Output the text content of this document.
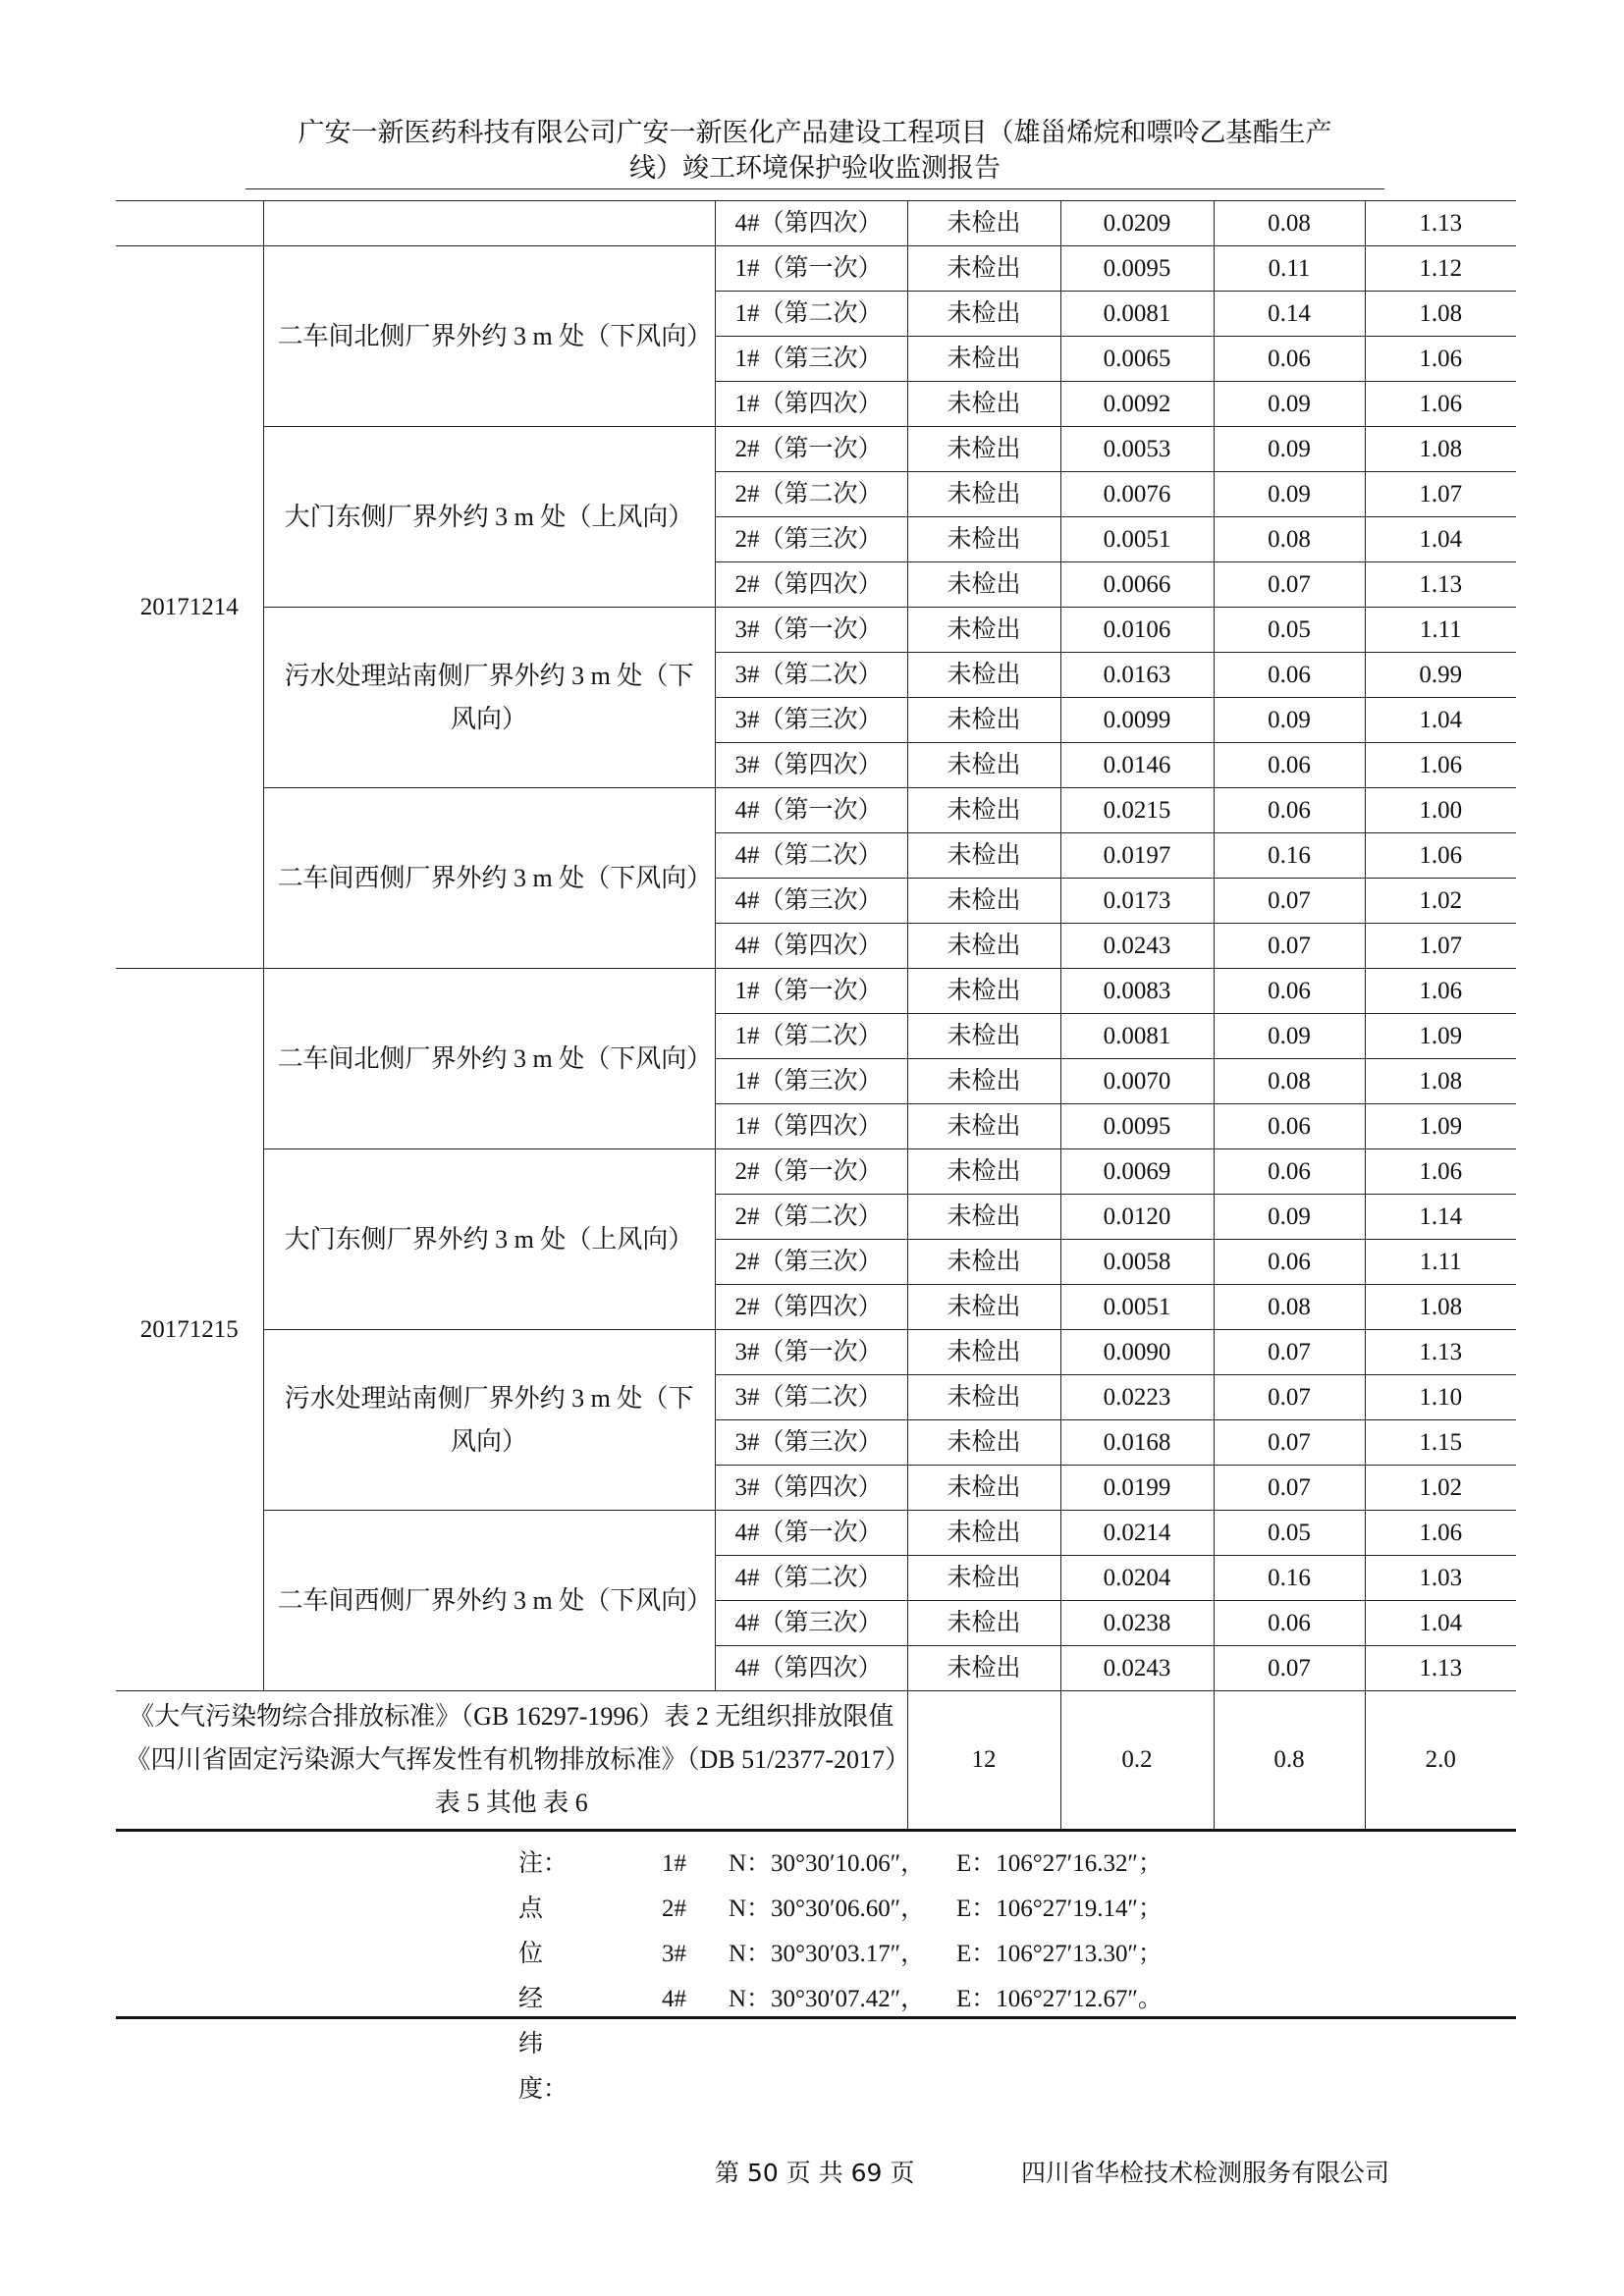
广安一新医药科技有限公司广安一新医化产品建设工程项目（雄甾烯烷和嘌呤乙基酯生产
线）竣工环境保护验收监测报告
		4#（第四次）	未检出	0.0209	0.08	1.13
20171214	二车间北侧厂界外约 3 m 处（下风向）	1#（第一次）	未检出	0.0095	0.11	1.12
		1#（第二次）	未检出	0.0081	0.14	1.08
		1#（第三次）	未检出	0.0065	0.06	1.06
		1#（第四次）	未检出	0.0092	0.09	1.06
	大门东侧厂界外约 3 m 处（上风向）	2#（第一次）	未检出	0.0053	0.09	1.08
		2#（第二次）	未检出	0.0076	0.09	1.07
		2#（第三次）	未检出	0.0051	0.08	1.04
		2#（第四次）	未检出	0.0066	0.07	1.13
	污水处理站南侧厂界外约 3 m 处（下风向）	3#（第一次）	未检出	0.0106	0.05	1.11
		3#（第二次）	未检出	0.0163	0.06	0.99
		3#（第三次）	未检出	0.0099	0.09	1.04
		3#（第四次）	未检出	0.0146	0.06	1.06
	二车间西侧厂界外约 3 m 处（下风向）	4#（第一次）	未检出	0.0215	0.06	1.00
		4#（第二次）	未检出	0.0197	0.16	1.06
		4#（第三次）	未检出	0.0173	0.07	1.02
		4#（第四次）	未检出	0.0243	0.07	1.07
20171215	二车间北侧厂界外约 3 m 处（下风向）	1#（第一次）	未检出	0.0083	0.06	1.06
		1#（第二次）	未检出	0.0081	0.09	1.09
		1#（第三次）	未检出	0.0070	0.08	1.08
		1#（第四次）	未检出	0.0095	0.06	1.09
	大门东侧厂界外约 3 m 处（上风向）	2#（第一次）	未检出	0.0069	0.06	1.06
		2#（第二次）	未检出	0.0120	0.09	1.14
		2#（第三次）	未检出	0.0058	0.06	1.11
		2#（第四次）	未检出	0.0051	0.08	1.08
	污水处理站南侧厂界外约 3 m 处（下风向）	3#（第一次）	未检出	0.0090	0.07	1.13
		3#（第二次）	未检出	0.0223	0.07	1.10
		3#（第三次）	未检出	0.0168	0.07	1.15
		3#（第四次）	未检出	0.0199	0.07	1.02
	二车间西侧厂界外约 3 m 处（下风向）	4#（第一次）	未检出	0.0214	0.05	1.06
		4#（第二次）	未检出	0.0204	0.16	1.03
		4#（第三次）	未检出	0.0238	0.06	1.04
		4#（第四次）	未检出	0.0243	0.07	1.13
《大气污染物综合排放标准》（GB 16297-1996）表 2 无组织排放限值《四川省固定污染源大气挥发性有机物排放标准》（DB 51/2377-2017）表 5 其他 表 6			12	0.2	0.8	2.0
注：点位经纬度：
1# N：30°30′10.06″， E：106°27′16.32″；
2# N：30°30′06.60″， E：106°27′19.14″；
3# N：30°30′03.17″， E：106°27′13.30″；
4# N：30°30′07.42″， E：106°27′12.67″。
第 50 页 共 69 页	四川省华检技术检测服务有限公司
